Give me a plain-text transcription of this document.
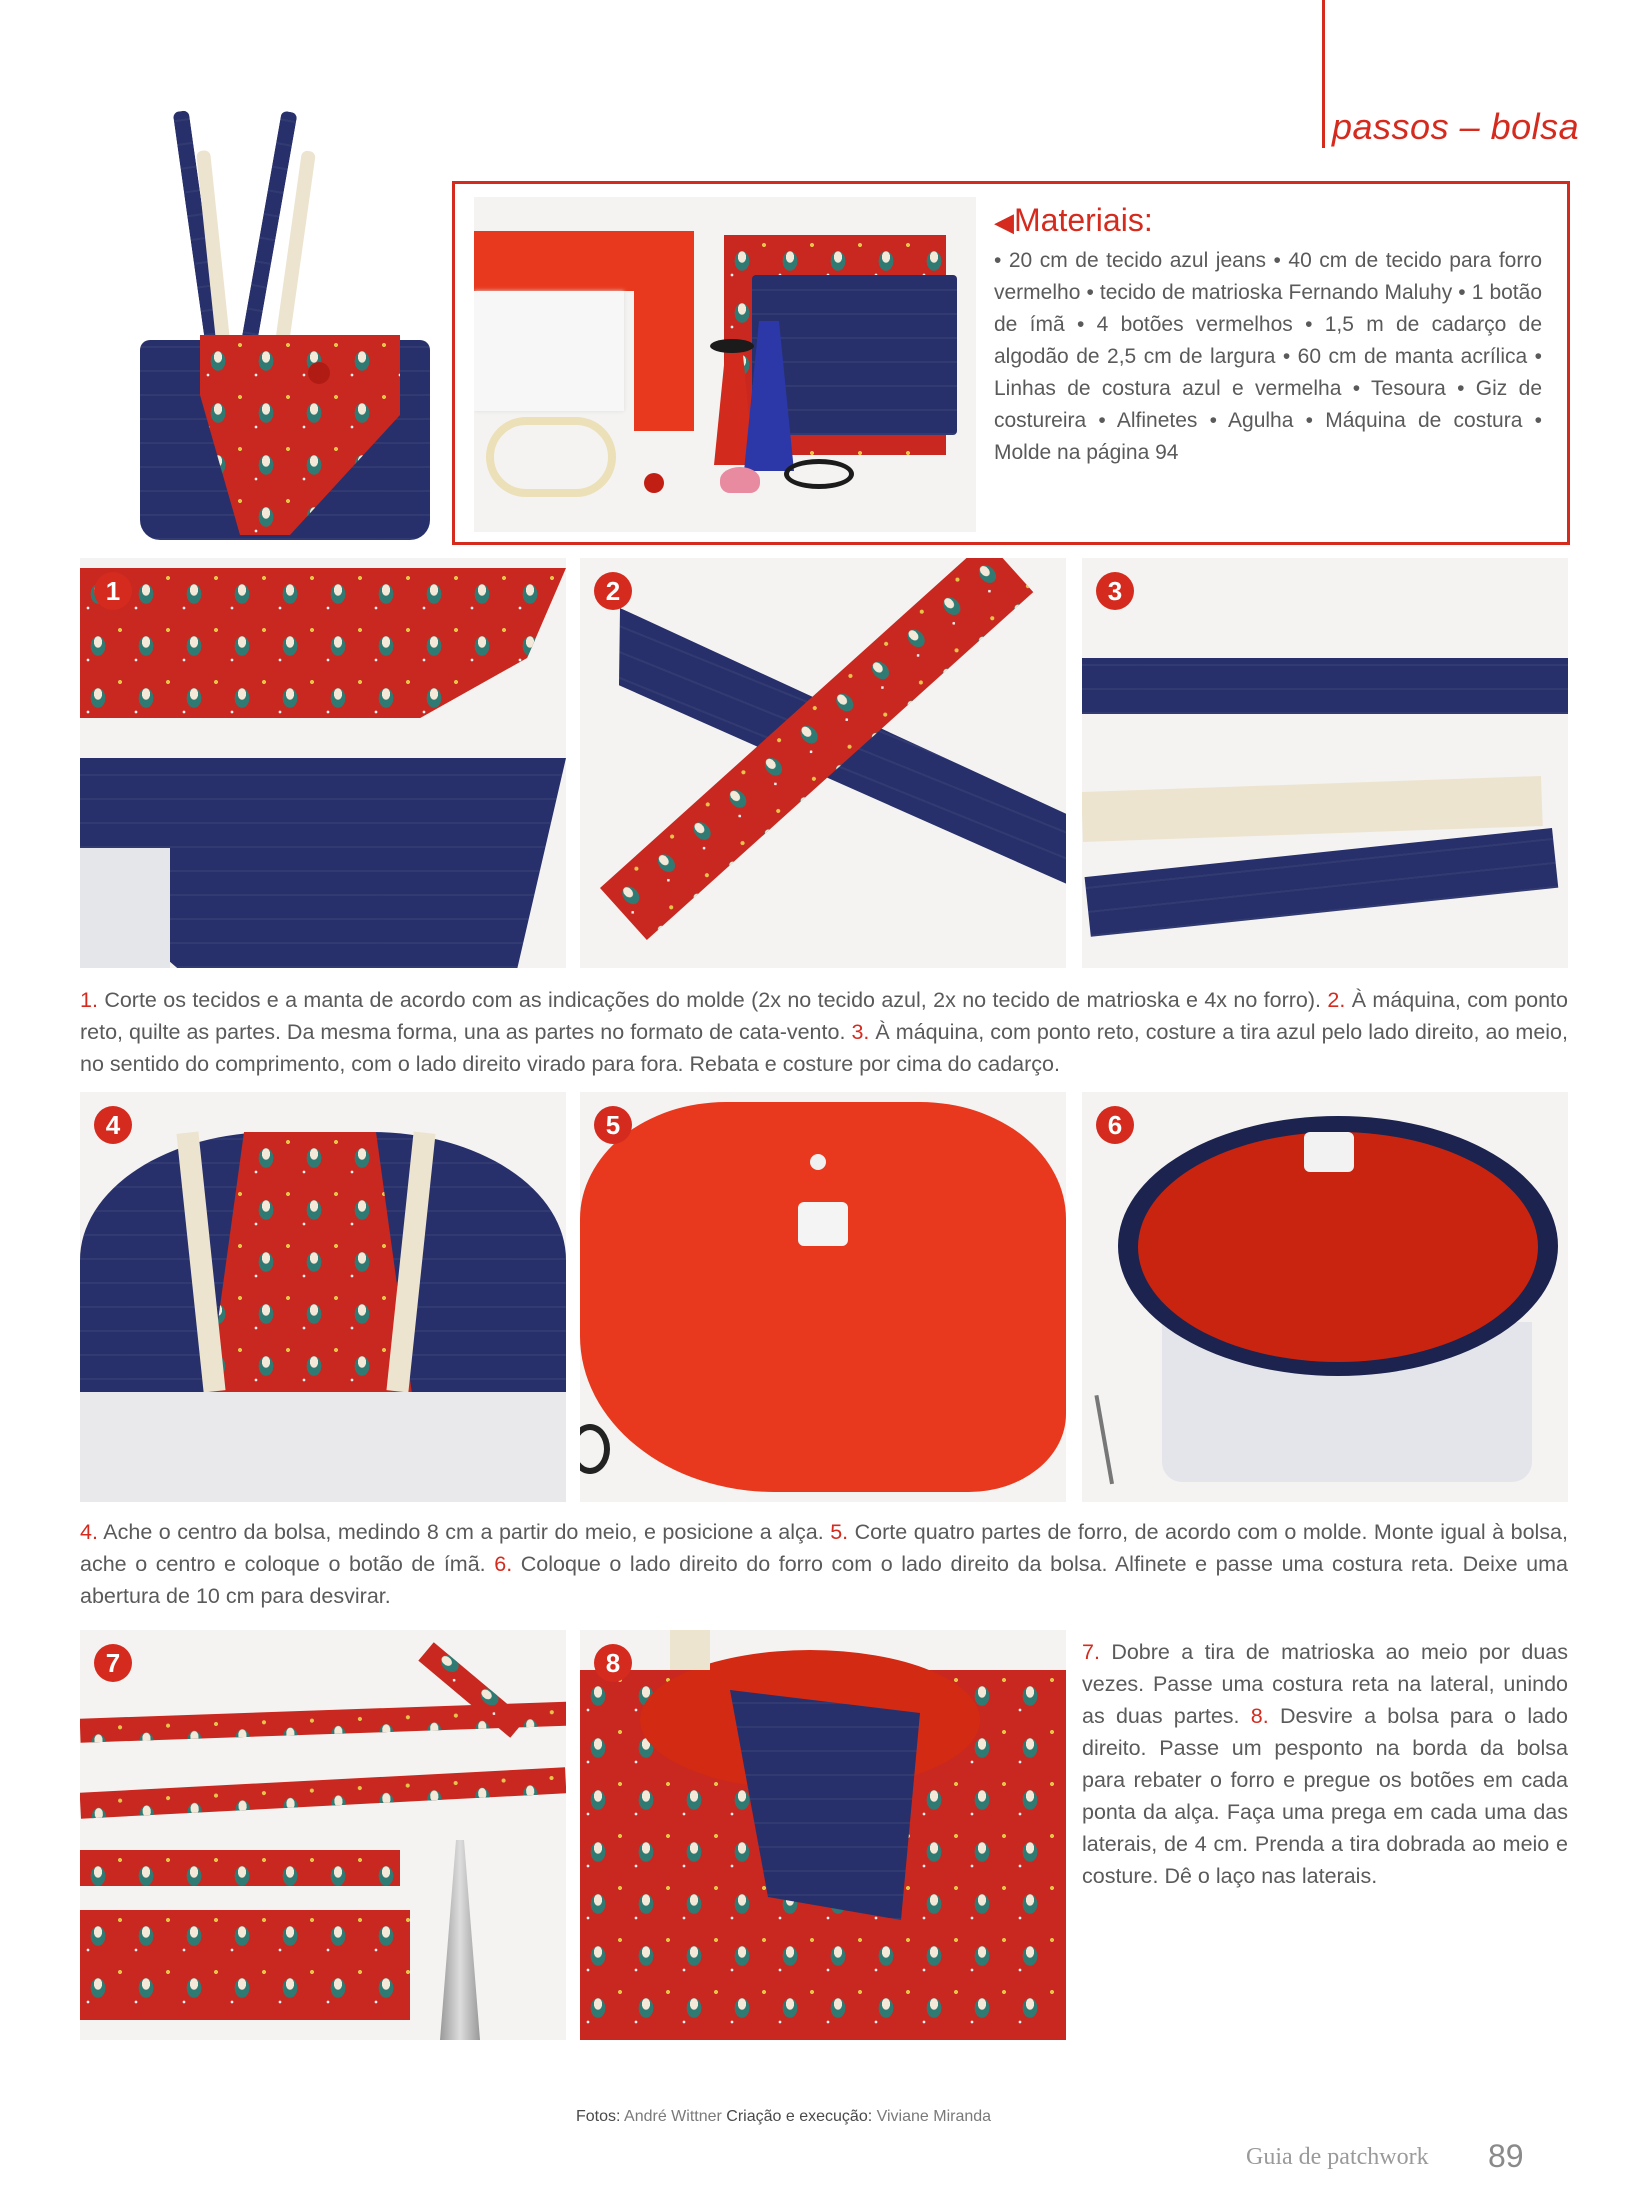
passos – bolsa
◀Materiais:
• 20 cm de tecido azul jeans • 40 cm de tecido para forro vermelho • tecido de matrioska Fernando Maluhy • 1 botão de ímã • 4 botões vermelhos • 1,5 m de cadarço de algodão de 2,5 cm de largura • 60 cm de manta acrílica • Linhas de costura azul e vermelha • Tesoura • Giz de costureira • Alfinetes • Agulha • Máquina de costura • Molde na página 94
1	2	3
1. Corte os tecidos e a manta de acordo com as indicações do molde (2x no tecido azul, 2x no tecido de matrioska e 4x no forro). 2. À máquina, com ponto reto, quilte as partes. Da mesma forma, una as partes no formato de cata-vento. 3. À máquina, com ponto reto, costure a tira azul pelo lado direito, ao meio, no sentido do comprimento, com o lado direito virado para fora. Rebata e costure por cima do cadarço.
4	5	6
4. Ache o centro da bolsa, medindo 8 cm a partir do meio, e posicione a alça. 5. Corte quatro partes de forro, de acordo com o molde. Monte igual à bolsa, ache o centro e coloque o botão de ímã. 6. Coloque o lado direito do forro com o lado direito da bolsa. Alfinete e passe uma costura reta. Deixe uma abertura de 10 cm para desvirar.
7	8	7. Dobre a tira de matrioska ao meio por duas vezes. Passe uma costura reta na lateral, unindo as duas partes. 8. Desvire a bolsa para o lado direito. Passe um pesponto na borda da bolsa para rebater o forro e pregue os botões em cada ponta da alça. Faça uma prega em cada uma das laterais, de 4 cm. Prenda a tira dobrada ao meio e costure. Dê o laço nas laterais.
Fotos: André Wittner Criação e execução: Viviane Miranda
Guia de patchwork 89
